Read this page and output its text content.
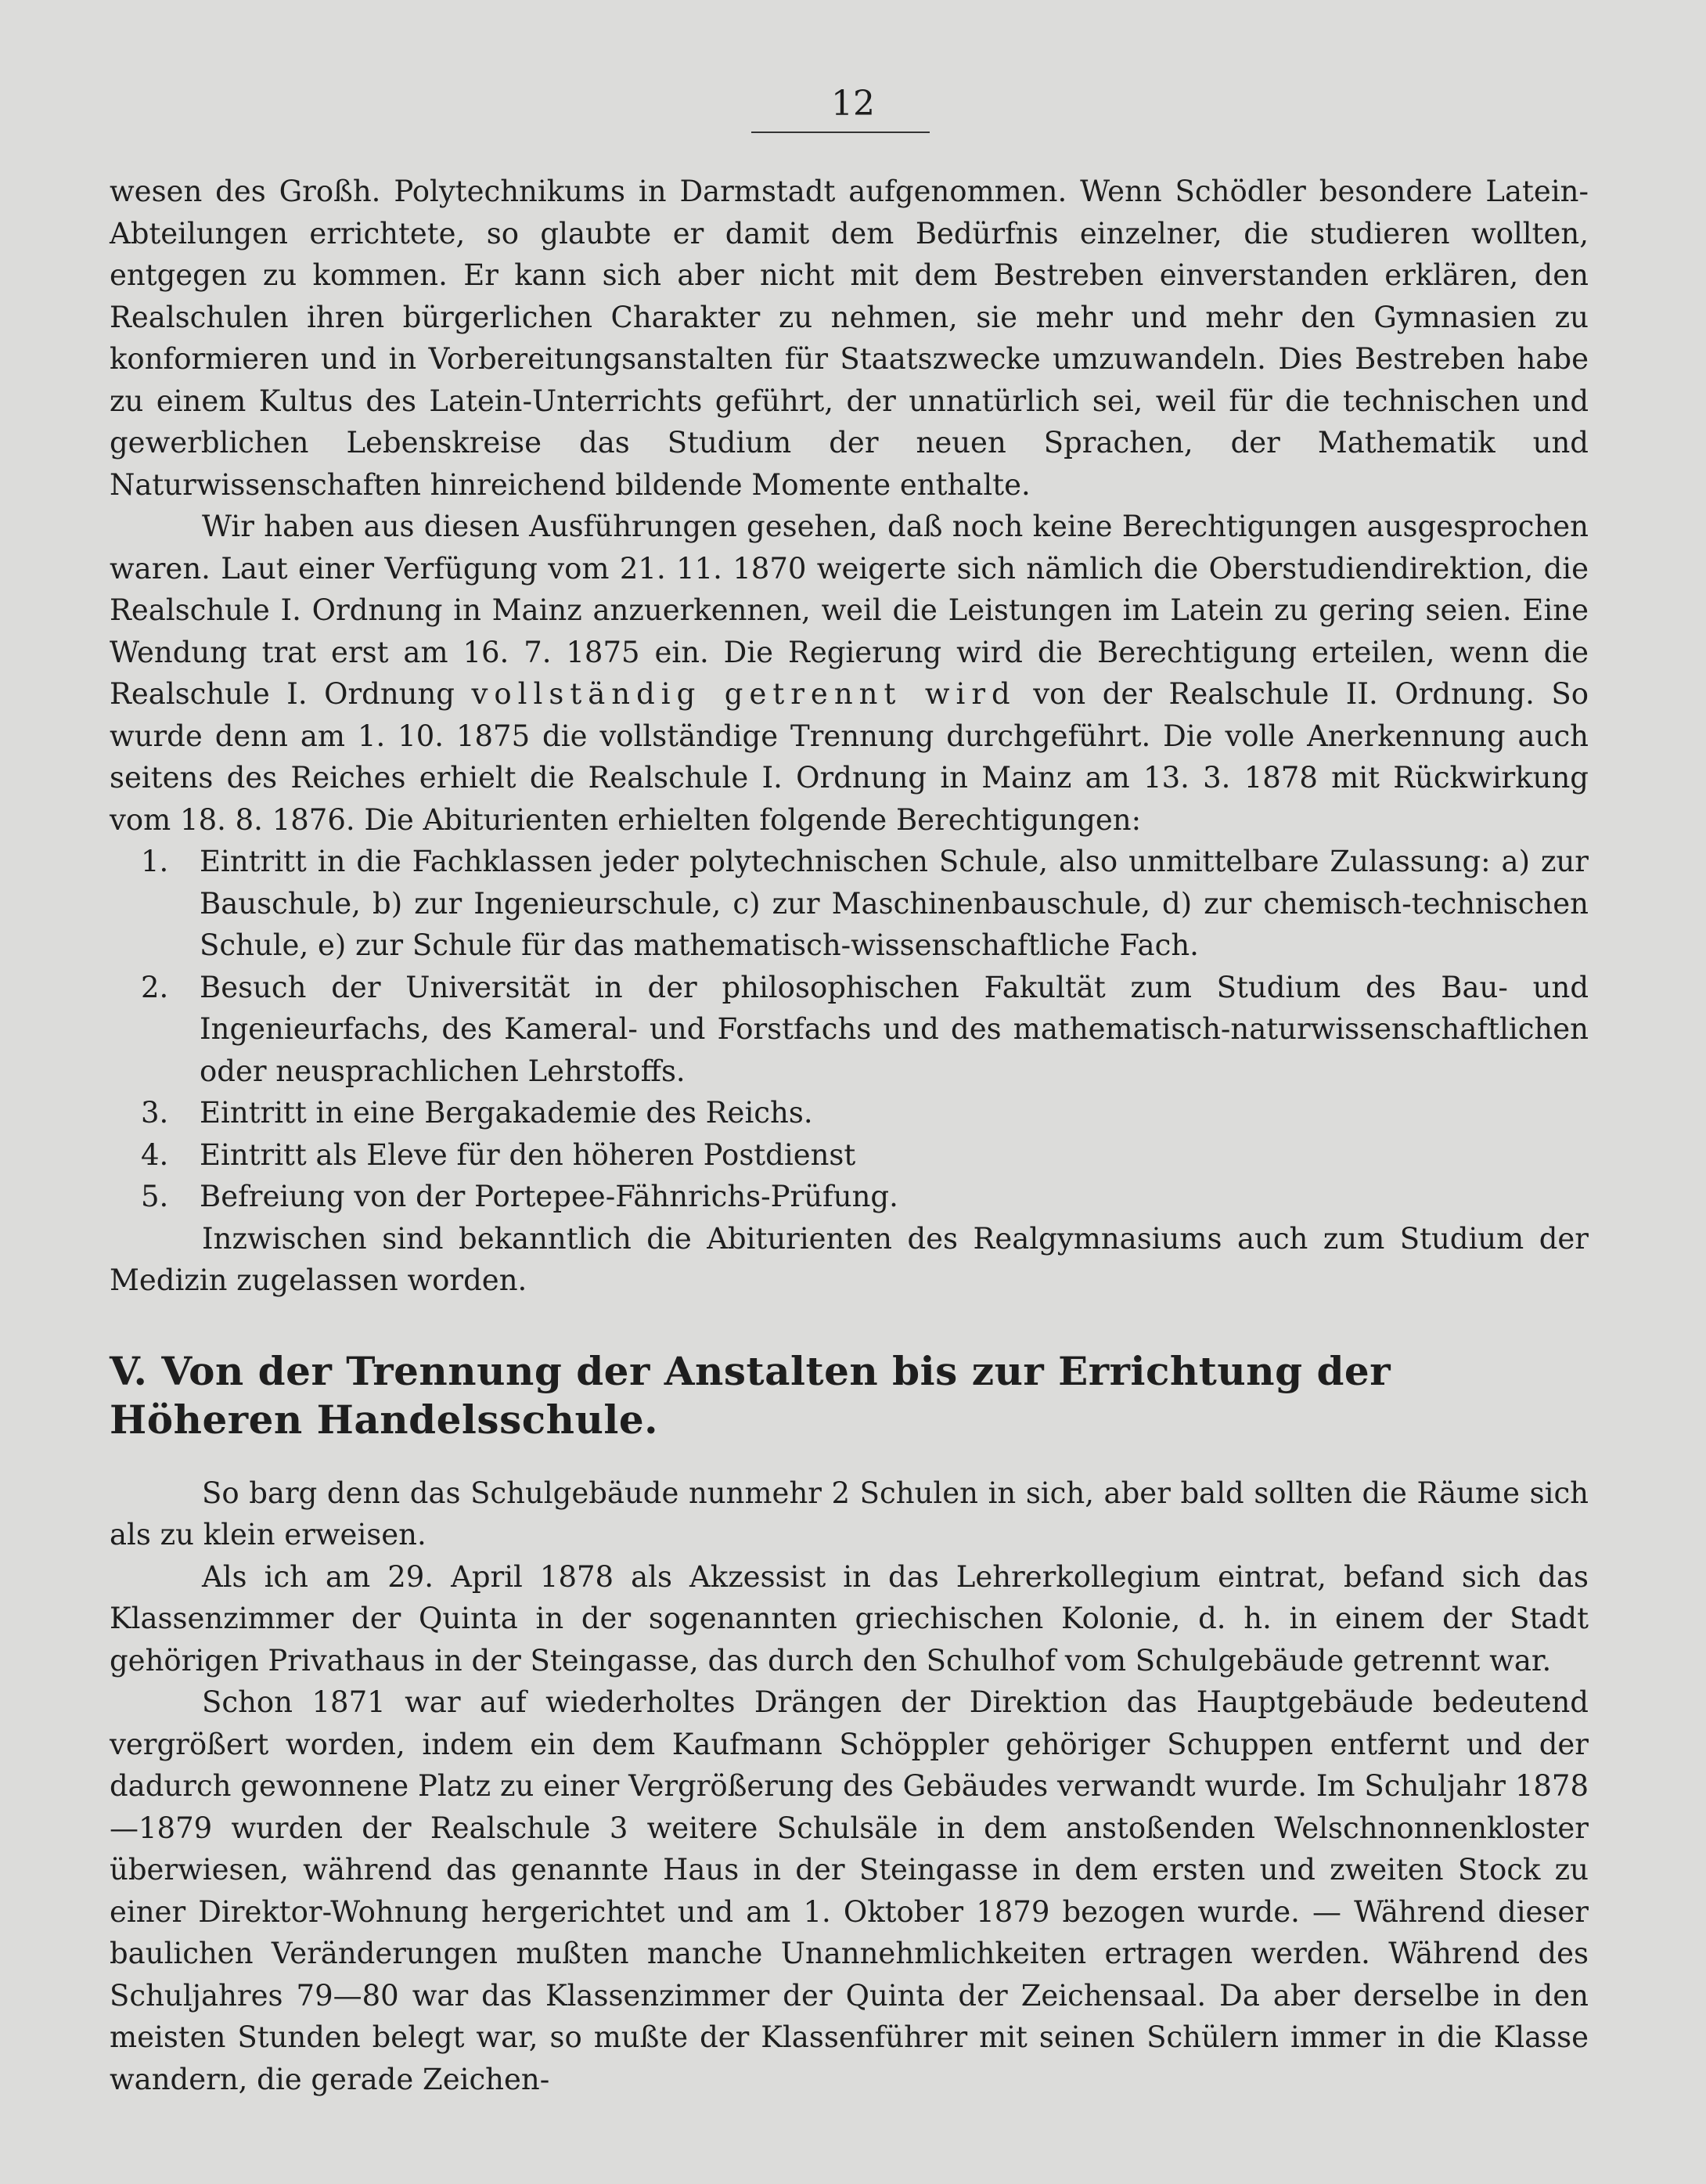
12

wesen des Großh. Polytechnikums in Darmstadt aufgenommen. Wenn Schödler besondere Latein-Abteilungen errichtete, so glaubte er damit dem Bedürfnis einzelner, die studieren wollten, entgegen zu kommen. Er kann sich aber nicht mit dem Bestreben einverstanden erklären, den Realschulen ihren bürgerlichen Charakter zu nehmen, sie mehr und mehr den Gymnasien zu konformieren und in Vorbereitungsanstalten für Staatszwecke umzuwandeln. Dies Bestreben habe zu einem Kultus des Latein-Unterrichts geführt, der unnatürlich sei, weil für die technischen und gewerblichen Lebenskreise das Studium der neuen Sprachen, der Mathematik und Naturwissenschaften hinreichend bildende Momente enthalte.

Wir haben aus diesen Ausführungen gesehen, daß noch keine Berechtigungen ausgesprochen waren. Laut einer Verfügung vom 21. 11. 1870 weigerte sich nämlich die Oberstudiendirektion, die Realschule I. Ordnung in Mainz anzuerkennen, weil die Leistungen im Latein zu gering seien. Eine Wendung trat erst am 16. 7. 1875 ein. Die Regierung wird die Berechtigung erteilen, wenn die Realschule I. Ordnung vollständig getrennt wird von der Realschule II. Ordnung. So wurde denn am 1. 10. 1875 die vollständige Trennung durchgeführt. Die volle Anerkennung auch seitens des Reiches erhielt die Realschule I. Ordnung in Mainz am 13. 3. 1878 mit Rückwirkung vom 18. 8. 1876. Die Abiturienten erhielten folgende Berechtigungen:

1.	Eintritt in die Fachklassen jeder polytechnischen Schule, also unmittelbare Zulassung: a) zur Bauschule, b) zur Ingenieurschule, c) zur Maschinenbauschule, d) zur chemisch-technischen Schule, e) zur Schule für das mathematisch-wissenschaftliche Fach.
2.	Besuch der Universität in der philosophischen Fakultät zum Studium des Bau- und Ingenieurfachs, des Kameral- und Forstfachs und des mathematisch-naturwissenschaftlichen oder neusprachlichen Lehrstoffs.
3.	Eintritt in eine Bergakademie des Reichs.
4.	Eintritt als Eleve für den höheren Postdienst
5.	Befreiung von der Portepee-Fähnrichs-Prüfung.

Inzwischen sind bekanntlich die Abiturienten des Realgymnasiums auch zum Studium der Medizin zugelassen worden.

V. Von der Trennung der Anstalten bis zur Errichtung der Höheren Handelsschule.

So barg denn das Schulgebäude nunmehr 2 Schulen in sich, aber bald sollten die Räume sich als zu klein erweisen.

Als ich am 29. April 1878 als Akzessist in das Lehrerkollegium eintrat, befand sich das Klassenzimmer der Quinta in der sogenannten griechischen Kolonie, d. h. in einem der Stadt gehörigen Privathaus in der Steingasse, das durch den Schulhof vom Schulgebäude getrennt war.

Schon 1871 war auf wiederholtes Drängen der Direktion das Hauptgebäude bedeutend vergrößert worden, indem ein dem Kaufmann Schöppler gehöriger Schuppen entfernt und der dadurch gewonnene Platz zu einer Vergrößerung des Gebäudes verwandt wurde. Im Schuljahr 1878—1879 wurden der Realschule 3 weitere Schulsäle in dem anstoßenden Welschnonnenkloster überwiesen, während das genannte Haus in der Steingasse in dem ersten und zweiten Stock zu einer Direktor-Wohnung hergerichtet und am 1. Oktober 1879 bezogen wurde. — Während dieser baulichen Veränderungen mußten manche Unannehmlichkeiten ertragen werden. Während des Schuljahres 79—80 war das Klassenzimmer der Quinta der Zeichensaal. Da aber derselbe in den meisten Stunden belegt war, so mußte der Klassenführer mit seinen Schülern immer in die Klasse wandern, die gerade Zeichen-
